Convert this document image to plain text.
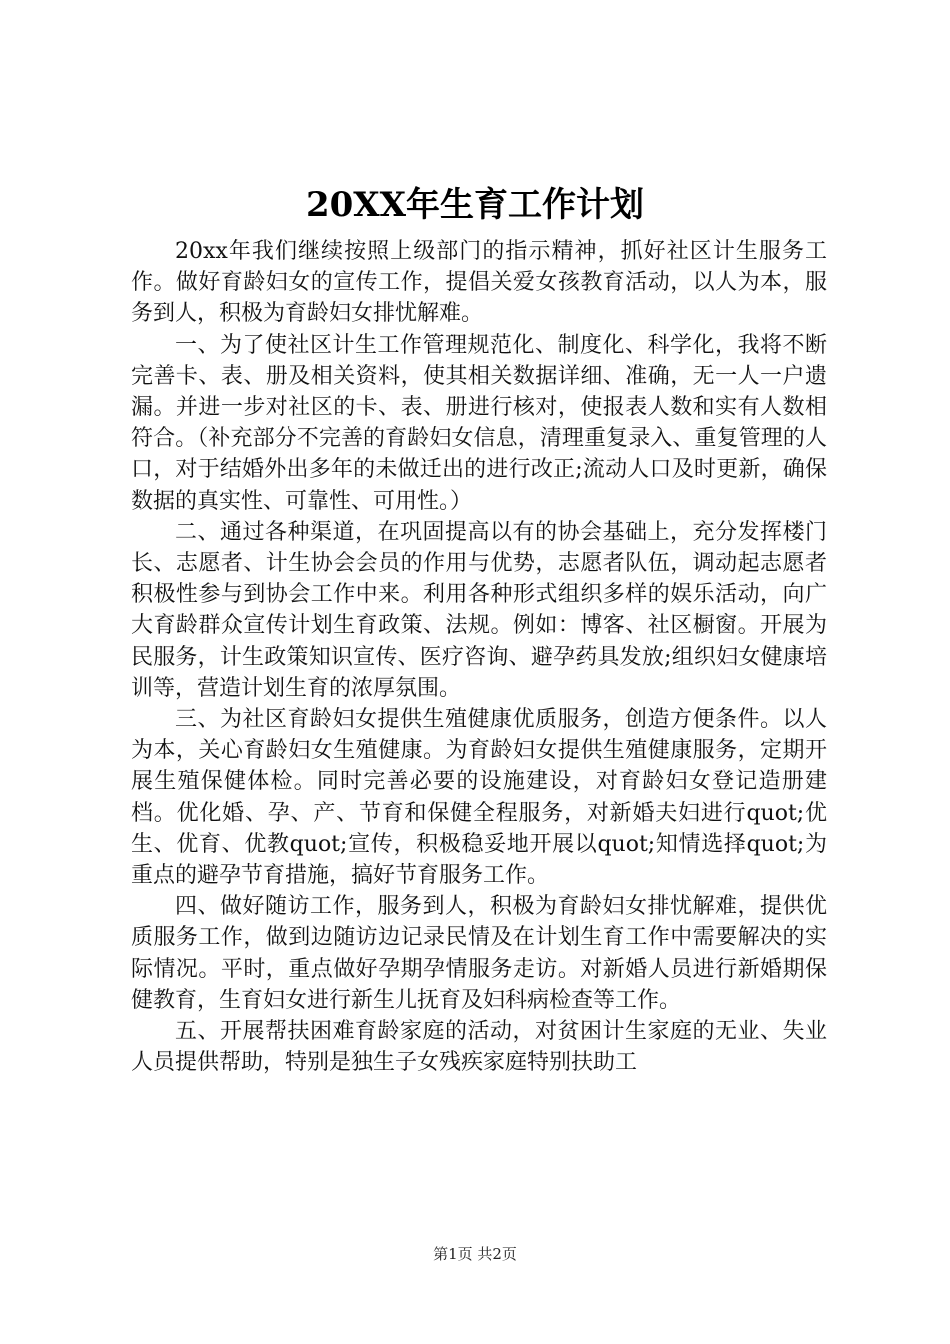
20XX年生育工作计划

20xx年我们继续按照上级部门的指示精神，抓好社区计生服务工作。做好育龄妇女的宣传工作，提倡关爱女孩教育活动，以人为本，服务到人，积极为育龄妇女排忧解难。

一、为了使社区计生工作管理规范化、制度化、科学化，我将不断完善卡、表、册及相关资料，使其相关数据详细、准确，无一人一户遗漏。并进一步对社区的卡、表、册进行核对，使报表人数和实有人数相符合。（补充部分不完善的育龄妇女信息，清理重复录入、重复管理的人口，对于结婚外出多年的未做迁出的进行改正;流动人口及时更新，确保数据的真实性、可靠性、可用性。）

二、通过各种渠道，在巩固提高以有的协会基础上，充分发挥楼门长、志愿者、计生协会会员的作用与优势，志愿者队伍，调动起志愿者积极性参与到协会工作中来。利用各种形式组织多样的娱乐活动，向广大育龄群众宣传计划生育政策、法规。例如：博客、社区橱窗。开展为民服务，计生政策知识宣传、医疗咨询、避孕药具发放;组织妇女健康培训等，营造计划生育的浓厚氛围。

三、为社区育龄妇女提供生殖健康优质服务，创造方便条件。以人为本，关心育龄妇女生殖健康。为育龄妇女提供生殖健康服务，定期开展生殖保健体检。同时完善必要的设施建设，对育龄妇女登记造册建档。优化婚、孕、产、节育和保健全程服务，对新婚夫妇进行quot;优生、优育、优教quot;宣传，积极稳妥地开展以quot;知情选择quot;为重点的避孕节育措施，搞好节育服务工作。

四、做好随访工作，服务到人，积极为育龄妇女排忧解难，提供优质服务工作，做到边随访边记录民情及在计划生育工作中需要解决的实际情况。平时，重点做好孕期孕情服务走访。对新婚人员进行新婚期保健教育，生育妇女进行新生儿抚育及妇科病检查等工作。

五、开展帮扶困难育龄家庭的活动，对贫困计生家庭的无业、失业人员提供帮助，特别是独生子女残疾家庭特别扶助工

第1页 共2页
